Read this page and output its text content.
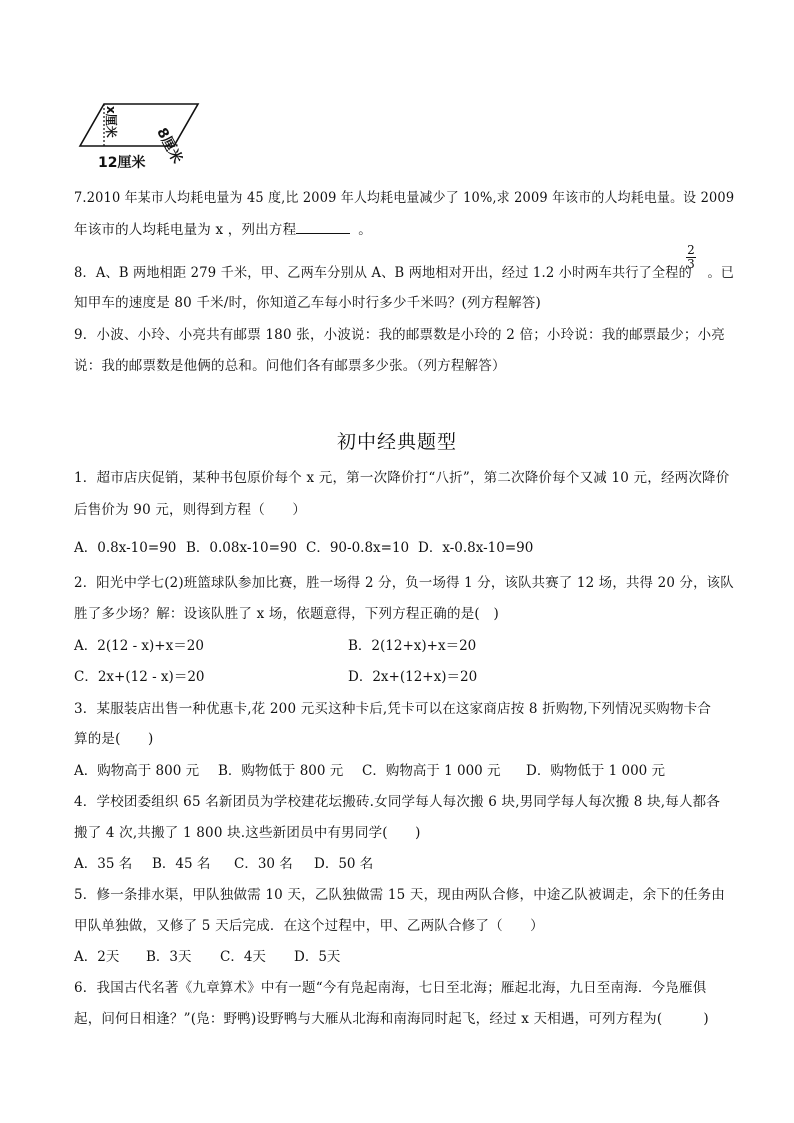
x厘米
8厘米
12厘米
7.2010 年某市人均耗电量为 45 度,比 2009 年人均耗电量减少了 10%,求 2009 年该市的人均耗电量。设 2009
年该市的人均耗电量为 x ，列出方程	。
8．A、B 两地相距 279 千米，甲、乙两车分别从 A、B 两地相对开出，经过 1.2 小时两车共行了全程的 。已
$\frac{2}{3}$
知甲车的速度是 80 千米/时，你知道乙车每小时行多少千米吗？(列方程解答)
9．小波、小玲、小亮共有邮票 180 张，小波说：我的邮票数是小玲的 2 倍；小玲说：我的邮票最少；小亮
说：我的邮票数是他俩的总和。问他们各有邮票多少张。（列方程解答）
初中经典题型
1．超市店庆促销，某种书包原价每个 x 元，第一次降价打“八折”，第二次降价每个又减 10 元，经两次降价
后售价为 90 元，则得到方程（　　）
A．0.8x-10=90 B．0.08x-10=90 C．90-0.8x=10 D．x-0.8x-10=90
2．阳光中学七(2)班篮球队参加比赛，胜一场得 2 分，负一场得 1 分，该队共赛了 12 场，共得 20 分，该队
胜了多少场？解：设该队胜了 x 场，依题意得，下列方程正确的是(　)
A．2(12 - x)+x＝20	B．2(12+x)+x＝20
C．2x+(12 - x)＝20	D．2x+(12+x)＝20
3．某服装店出售一种优惠卡,花 200 元买这种卡后,凭卡可以在这家商店按 8 折购物,下列情况买购物卡合
算的是(　　)
A．购物高于 800 元 B．购物低于 800 元 C．购物高于 1 000 元 D．购物低于 1 000 元
4．学校团委组织 65 名新团员为学校建花坛搬砖.女同学每人每次搬 6 块,男同学每人每次搬 8 块,每人都各
搬了 4 次,共搬了 1 800 块.这些新团员中有男同学(　　)
A．35 名 B．45 名 C．30 名 D．50 名
5．修一条排水渠，甲队独做需 10 天，乙队独做需 15 天，现由两队合修，中途乙队被调走，余下的任务由
甲队单独做，又修了 5 天后完成．在这个过程中，甲、乙两队合修了（　　）
A．2天 B．3天 C．4天 D．5天
6．我国古代名著《九章算术》中有一题“今有凫起南海，七日至北海；雁起北海，九日至南海．今凫雁俱
起，问何日相逢？”(凫：野鸭)设野鸭与大雁从北海和南海同时起飞，经过 x 天相遇，可列方程为(　　　)
